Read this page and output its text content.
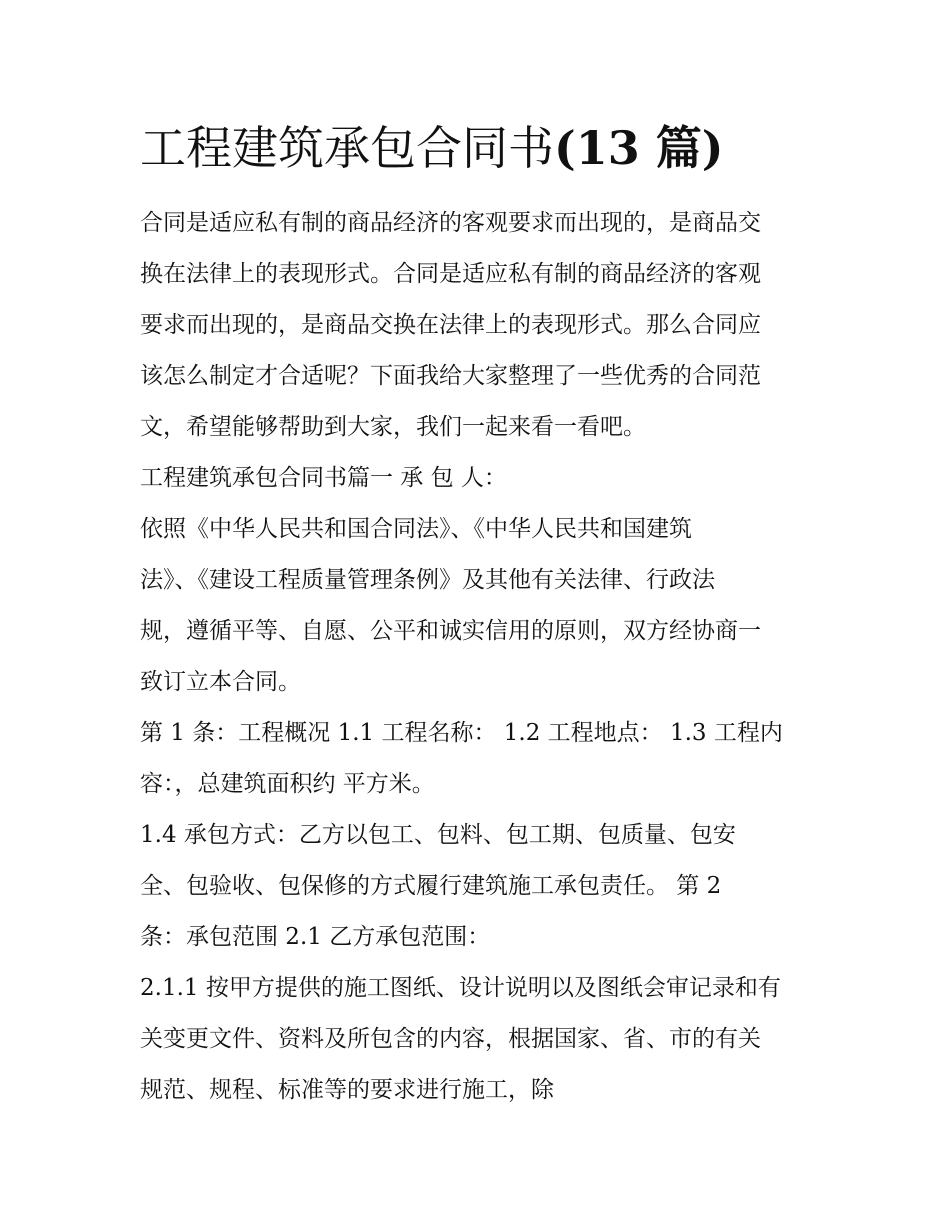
工程建筑承包合同书(13 篇)

合同是适应私有制的商品经济的客观要求而出现的，是商品交
换在法律上的表现形式。合同是适应私有制的商品经济的客观
要求而出现的，是商品交换在法律上的表现形式。那么合同应
该怎么制定才合适呢？下面我给大家整理了一些优秀的合同范
文，希望能够帮助到大家，我们一起来看一看吧。

工程建筑承包合同书篇一 承 包 人：

依照《中华人民共和国合同法》、《中华人民共和国建筑
法》、《建设工程质量管理条例》及其他有关法律、行政法
规，遵循平等、自愿、公平和诚实信用的原则，双方经协商一
致订立本合同。

第 1 条：工程概况 1.1 工程名称： 1.2 工程地点： 1.3 工程内
容：，总建筑面积约 平方米。

1.4 承包方式：乙方以包工、包料、包工期、包质量、包安
全、包验收、包保修的方式履行建筑施工承包责任。 第 2
条：承包范围 2.1 乙方承包范围：

2.1.1 按甲方提供的施工图纸、设计说明以及图纸会审记录和有
关变更文件、资料及所包含的内容，根据国家、省、市的有关
规范、规程、标准等的要求进行施工，除
